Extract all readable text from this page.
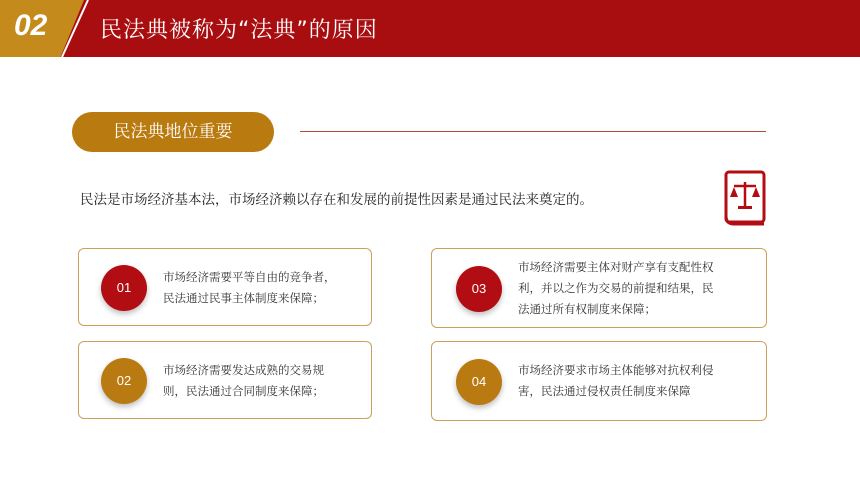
02 民法典被称为“法典”的原因
民法典地位重要
民法是市场经济基本法，市场经济赖以存在和发展的前提性因素是通过民法来奠定的。
01
市场经济需要平等自由的竞争者，
民法通过民事主体制度来保障；
02
市场经济需要发达成熟的交易规
则，民法通过合同制度来保障；
03
市场经济需要主体对财产享有支配性权
利，并以之作为交易的前提和结果，民
法通过所有权制度来保障；
04
市场经济要求市场主体能够对抗权利侵
害，民法通过侵权责任制度来保障
